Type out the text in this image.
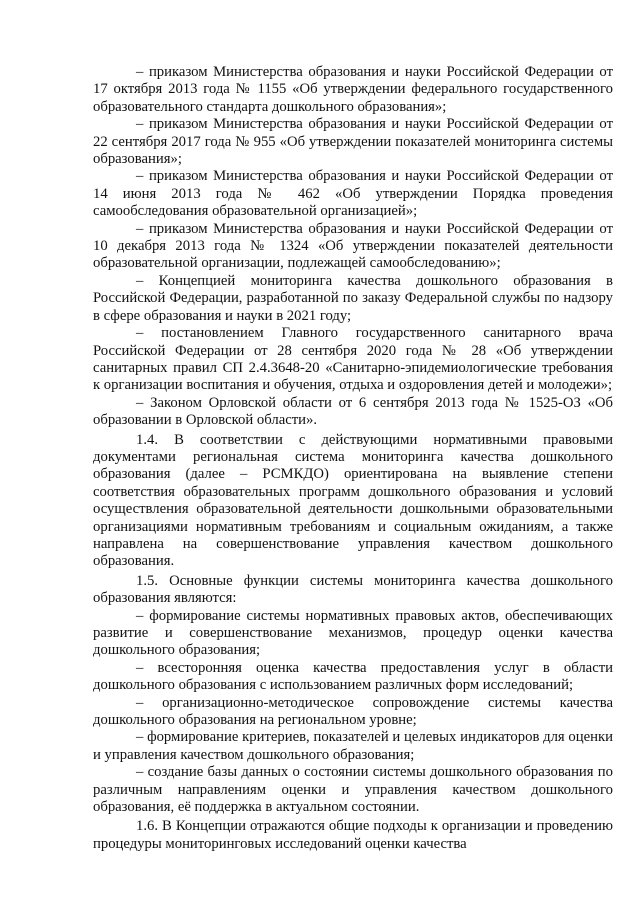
– приказом Министерства образования и науки Российской Федерации от 17 октября 2013 года № 1155 «Об утверждении федерального государственного образовательного стандарта дошкольного образования»;

– приказом Министерства образования и науки Российской Федерации от 22 сентября 2017 года № 955 «Об утверждении показателей мониторинга системы образования»;

– приказом Министерства образования и науки Российской Федерации от 14 июня 2013 года № 462 «Об утверждении Порядка проведения самообследования образовательной организацией»;

– приказом Министерства образования и науки Российской Федерации от 10 декабря 2013 года № 1324 «Об утверждении показателей деятельности образовательной организации, подлежащей самообследованию»;

– Концепцией мониторинга качества дошкольного образования в Российской Федерации, разработанной по заказу Федеральной службы по надзору в сфере образования и науки в 2021 году;

– постановлением Главного государственного санитарного врача Российской Федерации от 28 сентября 2020 года № 28 «Об утверждении санитарных правил СП 2.4.3648-20 «Санитарно-эпидемиологические требования к организации воспитания и обучения, отдыха и оздоровления детей и молодежи»;

– Законом Орловской области от 6 сентября 2013 года № 1525-ОЗ «Об образовании в Орловской области».

1.4. В соответствии с действующими нормативными правовыми документами региональная система мониторинга качества дошкольного образования (далее – РСМКДО) ориентирована на выявление степени соответствия образовательных программ дошкольного образования и условий осуществления образовательной деятельности дошкольными образовательными организациями нормативным требованиям и социальным ожиданиям, а также направлена на совершенствование управления качеством дошкольного образования.

1.5. Основные функции системы мониторинга качества дошкольного образования являются:

– формирование системы нормативных правовых актов, обеспечивающих развитие и совершенствование механизмов, процедур оценки качества дошкольного образования;

– всесторонняя оценка качества предоставления услуг в области дошкольного образования с использованием различных форм исследований;

– организационно-методическое сопровождение системы качества дошкольного образования на региональном уровне;

– формирование критериев, показателей и целевых индикаторов для оценки и управления качеством дошкольного образования;

– создание базы данных о состоянии системы дошкольного образования по различным направлениям оценки и управления качеством дошкольного образования, её поддержка в актуальном состоянии.

1.6. В Концепции отражаются общие подходы к организации и проведению процедуры мониторинговых исследований оценки качества
